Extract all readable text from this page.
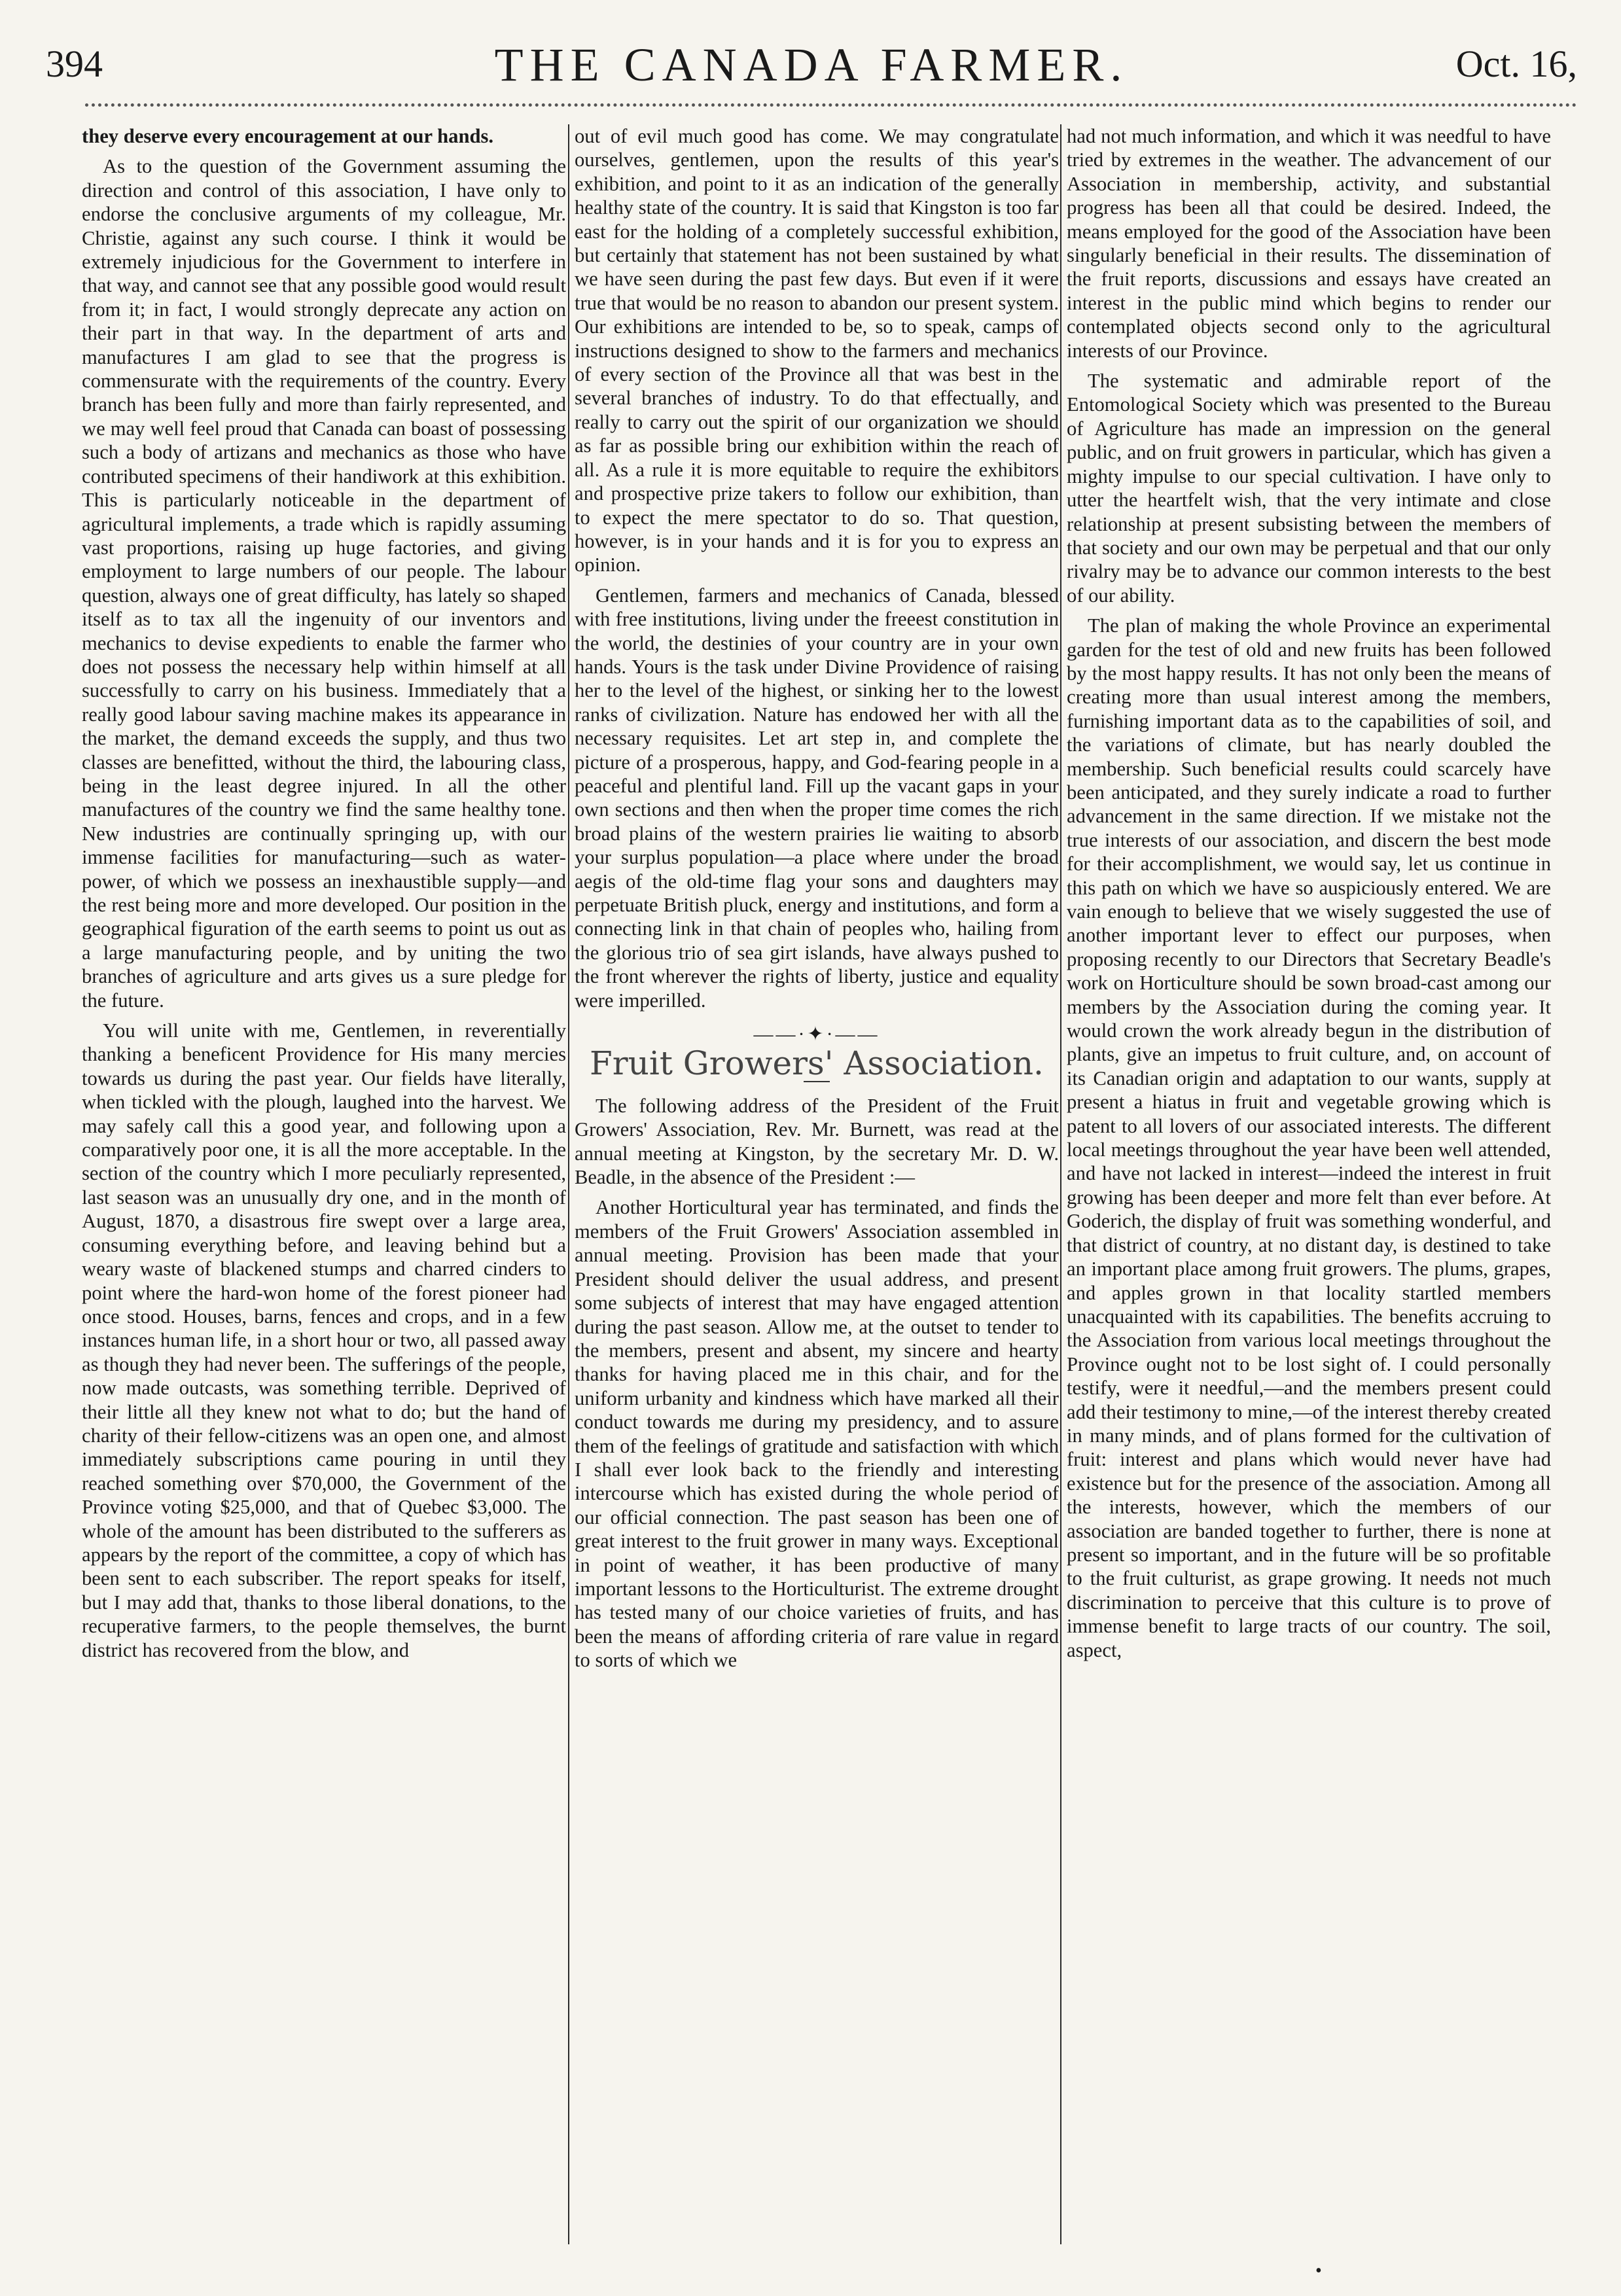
394	THE CANADA FARMER.	Oct. 16,

they deserve every encouragement at our hands.

As to the question of the Government assuming the direction and control of this association, I have only to endorse the conclusive arguments of my colleague, Mr. Christie, against any such course. I think it would be extremely injudicious for the Government to interfere in that way, and cannot see that any possible good would result from it; in fact, I would strongly deprecate any action on their part in that way. In the department of arts and manufactures I am glad to see that the progress is commensurate with the requirements of the country. Every branch has been fully and more than fairly represented, and we may well feel proud that Canada can boast of possessing such a body of artizans and mechanics as those who have contributed specimens of their handiwork at this exhibition. This is particularly noticeable in the department of agricultural implements, a trade which is rapidly assuming vast proportions, raising up huge factories, and giving employment to large numbers of our people. The labour question, always one of great difficulty, has lately so shaped itself as to tax all the ingenuity of our inventors and mechanics to devise expedients to enable the farmer who does not possess the necessary help within himself at all successfully to carry on his business. Immediately that a really good labour saving machine makes its appearance in the market, the demand exceeds the supply, and thus two classes are benefitted, without the third, the labouring class, being in the least degree injured. In all the other manufactures of the country we find the same healthy tone. New industries are continually springing up, with our immense facilities for manufacturing—such as water-power, of which we possess an inexhaustible supply—and the rest being more and more developed. Our position in the geographical figuration of the earth seems to point us out as a large manufacturing people, and by uniting the two branches of agriculture and arts gives us a sure pledge for the future.

You will unite with me, Gentlemen, in reverentially thanking a beneficent Providence for His many mercies towards us during the past year. Our fields have literally, when tickled with the plough, laughed into the harvest. We may safely call this a good year, and following upon a comparatively poor one, it is all the more acceptable. In the section of the country which I more peculiarly represented, last season was an unusually dry one, and in the month of August, 1870, a disastrous fire swept over a large area, consuming everything before, and leaving behind but a weary waste of blackened stumps and charred cinders to point where the hard-won home of the forest pioneer had once stood. Houses, barns, fences and crops, and in a few instances human life, in a short hour or two, all passed away as though they had never been. The sufferings of the people, now made outcasts, was something terrible. Deprived of their little all they knew not what to do; but the hand of charity of their fellow-citizens was an open one, and almost immediately subscriptions came pouring in until they reached something over $70,000, the Government of the Province voting $25,000, and that of Quebec $3,000. The whole of the amount has been distributed to the sufferers as appears by the report of the committee, a copy of which has been sent to each subscriber. The report speaks for itself, but I may add that, thanks to those liberal donations, to the recuperative farmers, to the people themselves, the burnt district has recovered from the blow, and

out of evil much good has come. We may congratulate ourselves, gentlemen, upon the results of this year's exhibition, and point to it as an indication of the generally healthy state of the country. It is said that Kingston is too far east for the holding of a completely successful exhibition, but certainly that statement has not been sustained by what we have seen during the past few days. But even if it were true that would be no reason to abandon our present system. Our exhibitions are intended to be, so to speak, camps of instructions designed to show to the farmers and mechanics of every section of the Province all that was best in the several branches of industry. To do that effectually, and really to carry out the spirit of our organization we should as far as possible bring our exhibition within the reach of all. As a rule it is more equitable to require the exhibitors and prospective prize takers to follow our exhibition, than to expect the mere spectator to do so. That question, however, is in your hands and it is for you to express an opinion.

Gentlemen, farmers and mechanics of Canada, blessed with free institutions, living under the freeest constitution in the world, the destinies of your country are in your own hands. Yours is the task under Divine Providence of raising her to the level of the highest, or sinking her to the lowest ranks of civilization. Nature has endowed her with all the necessary requisites. Let art step in, and complete the picture of a prosperous, happy, and God-fearing people in a peaceful and plentiful land. Fill up the vacant gaps in your own sections and then when the proper time comes the rich broad plains of the western prairies lie waiting to absorb your surplus population—a place where under the broad aegis of the old-time flag your sons and daughters may perpetuate British pluck, energy and institutions, and form a connecting link in that chain of peoples who, hailing from the glorious trio of sea girt islands, have always pushed to the front wherever the rights of liberty, justice and equality were imperilled.

——·✦·——
Fruit Growers' Association.

The following address of the President of the Fruit Growers' Association, Rev. Mr. Burnett, was read at the annual meeting at Kingston, by the secretary Mr. D. W. Beadle, in the absence of the President :—

Another Horticultural year has terminated, and finds the members of the Fruit Growers' Association assembled in annual meeting. Provision has been made that your President should deliver the usual address, and present some subjects of interest that may have engaged attention during the past season. Allow me, at the outset to tender to the members, present and absent, my sincere and hearty thanks for having placed me in this chair, and for the uniform urbanity and kindness which have marked all their conduct towards me during my presidency, and to assure them of the feelings of gratitude and satisfaction with which I shall ever look back to the friendly and interesting intercourse which has existed during the whole period of our official connection. The past season has been one of great interest to the fruit grower in many ways. Exceptional in point of weather, it has been productive of many important lessons to the Horticulturist. The extreme drought has tested many of our choice varieties of fruits, and has been the means of affording criteria of rare value in regard to sorts of which we

had not much information, and which it was needful to have tried by extremes in the weather. The advancement of our Association in membership, activity, and substantial progress has been all that could be desired. Indeed, the means employed for the good of the Association have been singularly beneficial in their results. The dissemination of the fruit reports, discussions and essays have created an interest in the public mind which begins to render our contemplated objects second only to the agricultural interests of our Province.

The systematic and admirable report of the Entomological Society which was presented to the Bureau of Agriculture has made an impression on the general public, and on fruit growers in particular, which has given a mighty impulse to our special cultivation. I have only to utter the heartfelt wish, that the very intimate and close relationship at present subsisting between the members of that society and our own may be perpetual and that our only rivalry may be to advance our common interests to the best of our ability.

The plan of making the whole Province an experimental garden for the test of old and new fruits has been followed by the most happy results. It has not only been the means of creating more than usual interest among the members, furnishing important data as to the capabilities of soil, and the variations of climate, but has nearly doubled the membership. Such beneficial results could scarcely have been anticipated, and they surely indicate a road to further advancement in the same direction. If we mistake not the true interests of our association, and discern the best mode for their accomplishment, we would say, let us continue in this path on which we have so auspiciously entered. We are vain enough to believe that we wisely suggested the use of another important lever to effect our purposes, when proposing recently to our Directors that Secretary Beadle's work on Horticulture should be sown broad-cast among our members by the Association during the coming year. It would crown the work already begun in the distribution of plants, give an impetus to fruit culture, and, on account of its Canadian origin and adaptation to our wants, supply at present a hiatus in fruit and vegetable growing which is patent to all lovers of our associated interests. The different local meetings throughout the year have been well attended, and have not lacked in interest—indeed the interest in fruit growing has been deeper and more felt than ever before. At Goderich, the display of fruit was something wonderful, and that district of country, at no distant day, is destined to take an important place among fruit growers. The plums, grapes, and apples grown in that locality startled members unacquainted with its capabilities. The benefits accruing to the Association from various local meetings throughout the Province ought not to be lost sight of. I could personally testify, were it needful,—and the members present could add their testimony to mine,—of the interest thereby created in many minds, and of plans formed for the cultivation of fruit: interest and plans which would never have had existence but for the presence of the association. Among all the interests, however, which the members of our association are banded together to further, there is none at present so important, and in the future will be so profitable to the fruit culturist, as grape growing. It needs not much discrimination to perceive that this culture is to prove of immense benefit to large tracts of our country. The soil, aspect,

•
